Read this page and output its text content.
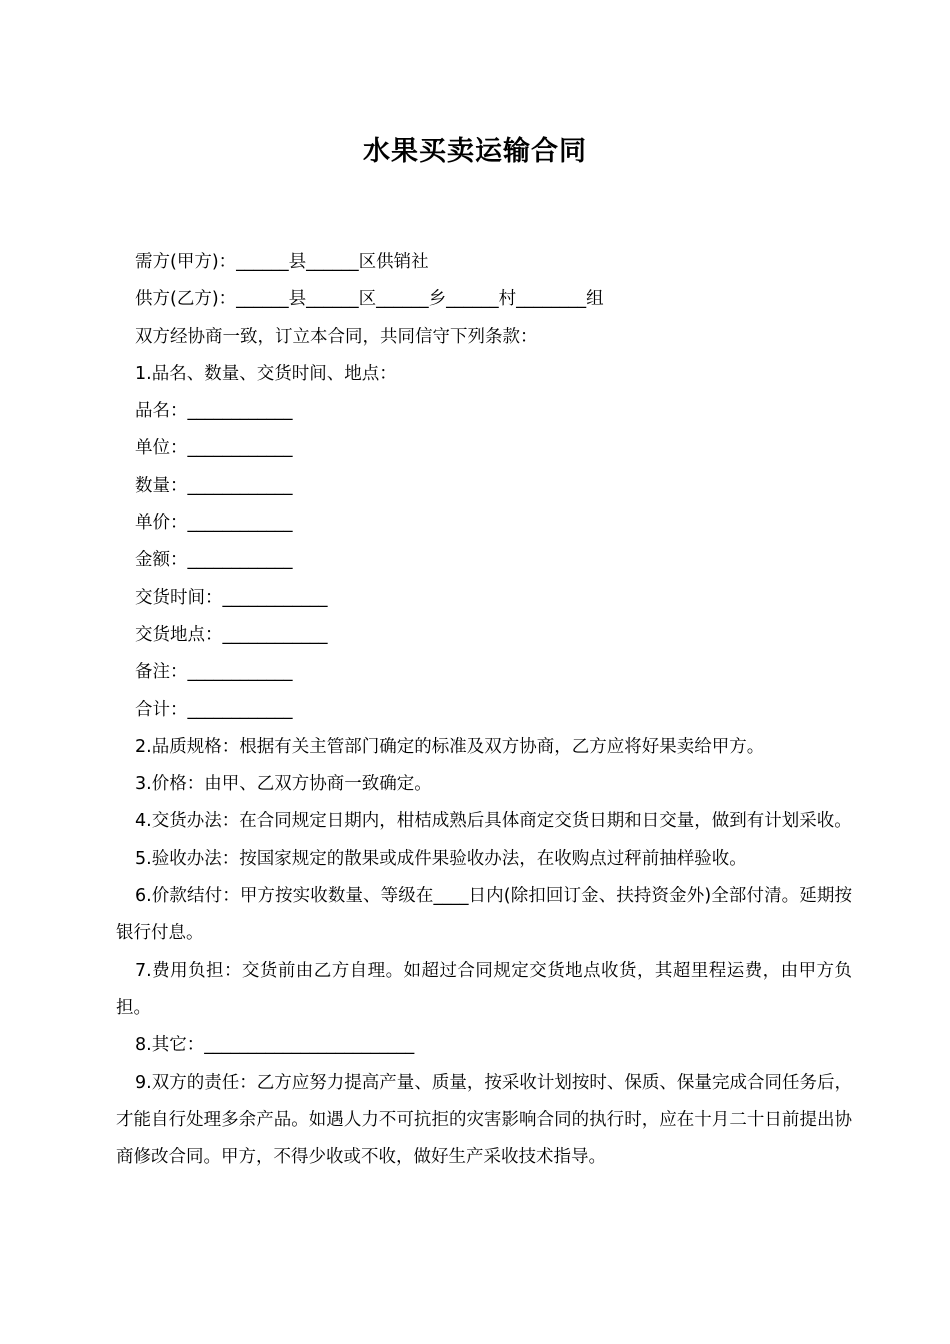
水果买卖运输合同

需方(甲方)：______县______区供销社

供方(乙方)：______县______区______乡______村________组

双方经协商一致，订立本合同，共同信守下列条款：

1.品名、数量、交货时间、地点：

品名：____________

单位：____________

数量：____________

单价：____________

金额：____________

交货时间：____________

交货地点：____________

备注：____________

合计：____________

2.品质规格：根据有关主管部门确定的标准及双方协商，乙方应将好果卖给甲方。

3.价格：由甲、乙双方协商一致确定。

4.交货办法：在合同规定日期内，柑桔成熟后具体商定交货日期和日交量，做到有计划采收。

5.验收办法：按国家规定的散果或成件果验收办法，在收购点过秤前抽样验收。

6.价款结付：甲方按实收数量、等级在____日内(除扣回订金、扶持资金外)全部付清。延期按银行付息。

7.费用负担：交货前由乙方自理。如超过合同规定交货地点收货，其超里程运费，由甲方负担。

8.其它：________________________

9.双方的责任：乙方应努力提高产量、质量，按采收计划按时、保质、保量完成合同任务后，才能自行处理多余产品。如遇人力不可抗拒的灾害影响合同的执行时，应在十月二十日前提出协商修改合同。甲方，不得少收或不收，做好生产采收技术指导。
